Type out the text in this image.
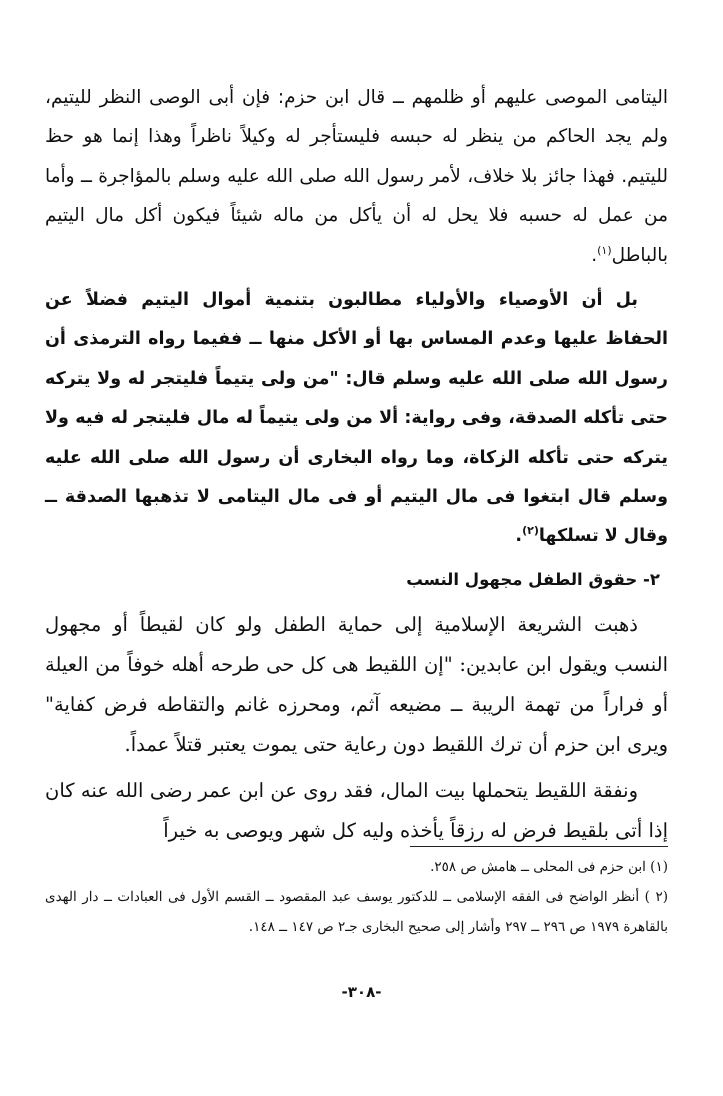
اليتامى الموصى عليهم أو ظلمهم ــ قال ابن حزم: فإن أبى الوصى النظر لليتيم، ولم يجد الحاكم من ينظر له حبسه فليستأجر له وكيلاً ناظراً وهذا إنما هو حظ لليتيم. فهذا جائز بلا خلاف، لأمر رسول الله صلى الله عليه وسلم بالمؤاجرة ــ وأما من عمل له حسبه فلا يحل له أن يأكل من ماله شيئاً فيكون أكل مال اليتيم بالباطل$^{(١)}$.

بل أن الأوصياء والأولياء مطالبون بتنمية أموال اليتيم فضلاً عن الحفاظ عليها وعدم المساس بها أو الأكل منها ــ ففيما رواه الترمذى أن رسول الله صلى الله عليه وسلم قال: "من ولى يتيماً فليتجر له ولا يتركه حتى تأكله الصدقة، وفى رواية: ألا من ولى يتيماً له مال فليتجر له فيه ولا يتركه حتى تأكله الزكاة، وما رواه البخارى أن رسول الله صلى الله عليه وسلم قال ابتغوا فى مال اليتيم أو فى مال اليتامى لا تذهبها الصدقة ــ وقال لا تسلكها$^{(٢)}$.

٢- حقوق الطفل مجهول النسب

ذهبت الشريعة الإسلامية إلى حماية الطفل ولو كان لقيطاً أو مجهول النسب ويقول ابن عابدين: "إن اللقيط هى كل حى طرحه أهله خوفاً من العيلة أو فراراً من تهمة الريبة ــ مضيعه آثم، ومحرزه غانم والتقاطه فرض كفاية" ويرى ابن حزم أن ترك اللقيط دون رعاية حتى يموت يعتبر قتلاً عمداً.

ونفقة اللقيط يتحملها بيت المال، فقد روى عن ابن عمر رضى الله عنه كان إذا أتى بلقيط فرض له رزقاً يأخذه وليه كل شهر ويوصى به خيراً

(١) ابن حزم فى المحلى ــ هامش ص ٢٥٨.

(٢ ) أنظر الواضح فى الفقه الإسلامى ــ للدكتور يوسف عبد المقصود ــ القسم الأول فى العبادات ــ دار الهدى بالقاهرة ١٩٧٩ ص ٢٩٦ ــ ٢٩٧ وأشار إلى صحيح البخارى جـ٢ ص ١٤٧ ــ ١٤٨.

-٣٠٨-
